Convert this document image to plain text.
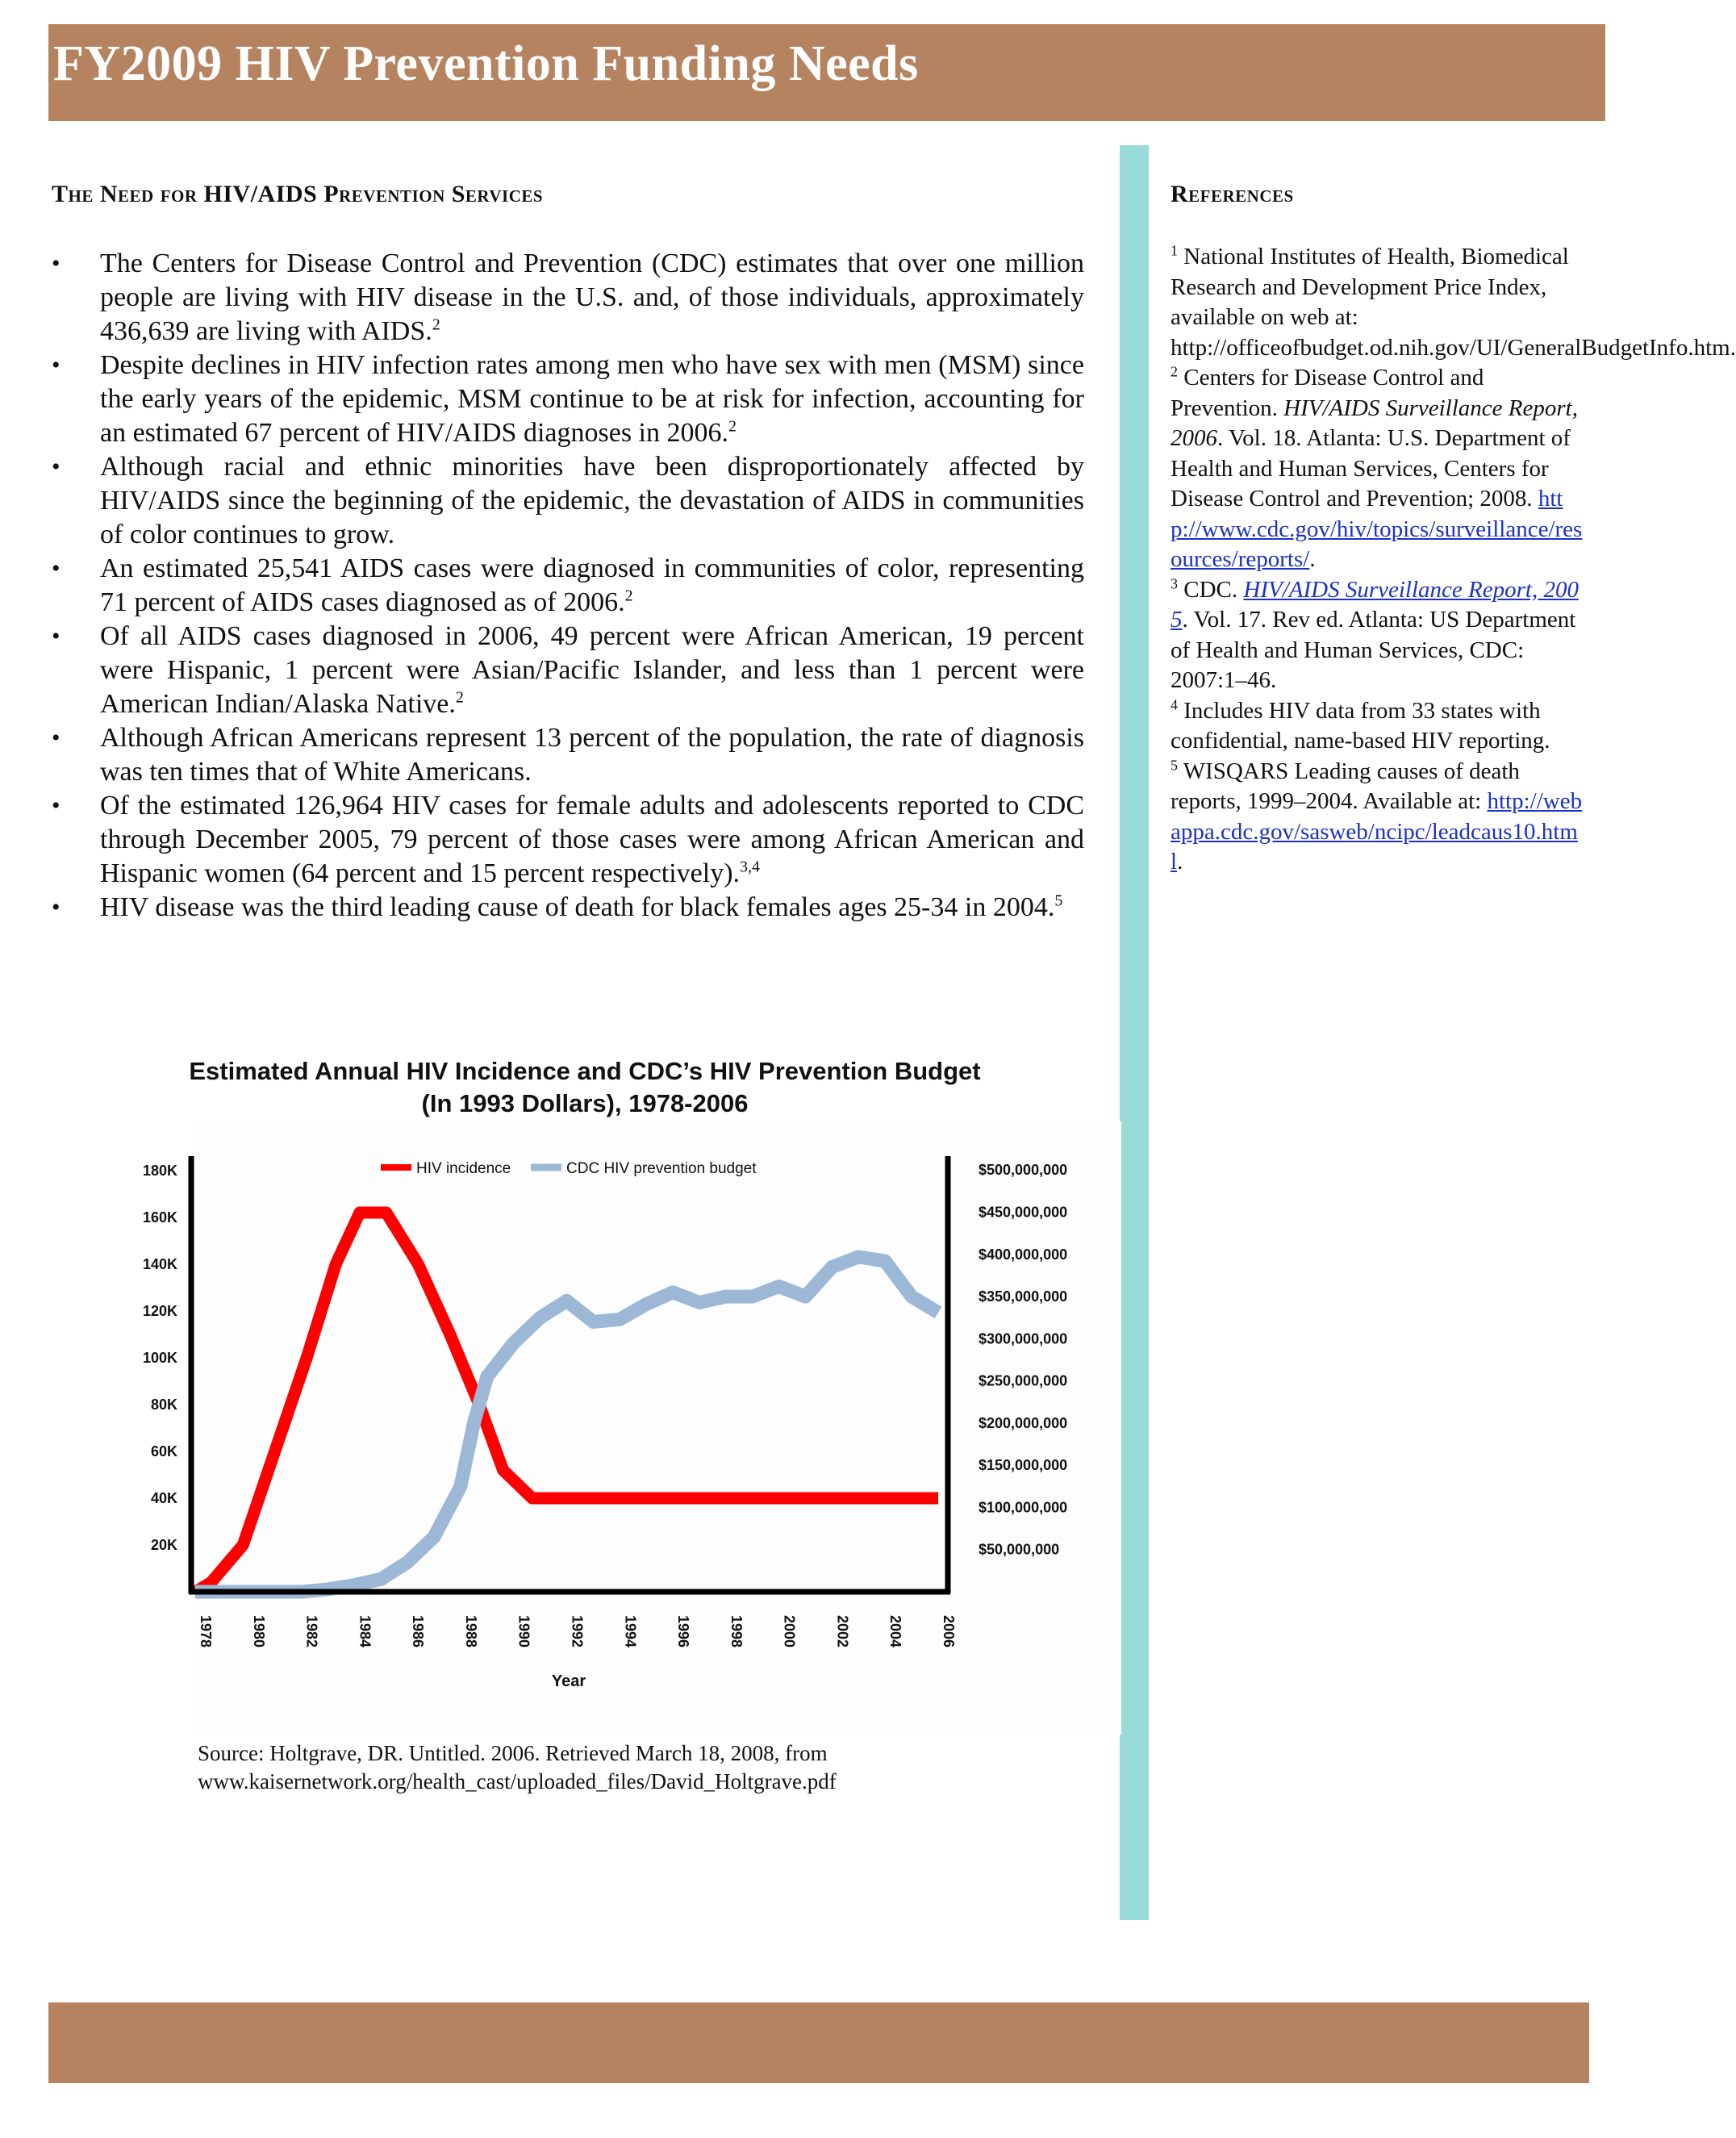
FY2009 HIV Prevention Funding Needs
The Need for HIV/AIDS Prevention Services
• The Centers for Disease Control and Prevention (CDC) estimates that over one million people are living with HIV disease in the U.S. and, of those individuals, approximately 436,639 are living with AIDS.$^2$
• Despite declines in HIV infection rates among men who have sex with men (MSM) since the early years of the epidemic, MSM continue to be at risk for infection, accounting for an estimated 67 percent of HIV/AIDS diagnoses in 2006.$^2$
• Although racial and ethnic minorities have been disproportionately affected by HIV/AIDS since the beginning of the epidemic, the devastation of AIDS in communities of color continues to grow.
• An estimated 25,541 AIDS cases were diagnosed in communities of color, representing 71 percent of AIDS cases diagnosed as of 2006.$^2$
• Of all AIDS cases diagnosed in 2006, 49 percent were African American, 19 percent were Hispanic, 1 percent were Asian/Pacific Islander, and less than 1 percent were American Indian/Alaska Native.$^2$
• Although African Americans represent 13 percent of the population, the rate of diagnosis was ten times that of White Americans.
• Of the estimated 126,964 HIV cases for female adults and adolescents reported to CDC through December 2005, 79 percent of those cases were among African American and Hispanic women (64 percent and 15 percent respectively).$^{3,4}$
• HIV disease was the third leading cause of death for black females ages 25-34 in 2004.$^5$
References

$^1$ National Institutes of Health, Biomedical Research and Development Price Index, available on web at: http://officeofbudget.od.nih.gov/UI/GeneralBudgetInfo.htm.

$^2$ Centers for Disease Control and Prevention. HIV/AIDS Surveillance Report, 2006. Vol. 18. Atlanta: U.S. Department of Health and Human Services, Centers for Disease Control and Prevention; 2008. http://www.cdc.gov/hiv/topics/surveillance/resources/reports/.

$^3$ CDC. HIV/AIDS Surveillance Report, 2005. Vol. 17. Rev ed. Atlanta: US Department of Health and Human Services, CDC: 2007:1–46.

$^4$ Includes HIV data from 33 states with confidential, name-based HIV reporting.

$^5$ WISQARS Leading causes of death reports, 1999–2004. Available at: http://webappa.cdc.gov/sasweb/ncipc/leadcaus10.html.

Estimated Annual HIV Incidence and CDC’s HIV Prevention Budget
(In 1993 Dollars), 1978-2006
20K
40K
60K
80K
100K
120K
140K
160K
180K
$50,000,000
$100,000,000
$150,000,000
$200,000,000
$250,000,000
$300,000,000
$350,000,000
$400,000,000
$450,000,000
$500,000,000
1978	1980	1982	1984	1986	1988	1990	1992	1994	1996	1998	2000	2002	2004	2006
Year
HIV incidence	CDC HIV prevention budget
Source: Holtgrave, DR. Untitled. 2006. Retrieved March 18, 2008, from
www.kaisernetwork.org/health_cast/uploaded_files/David_Holtgrave.pdf
